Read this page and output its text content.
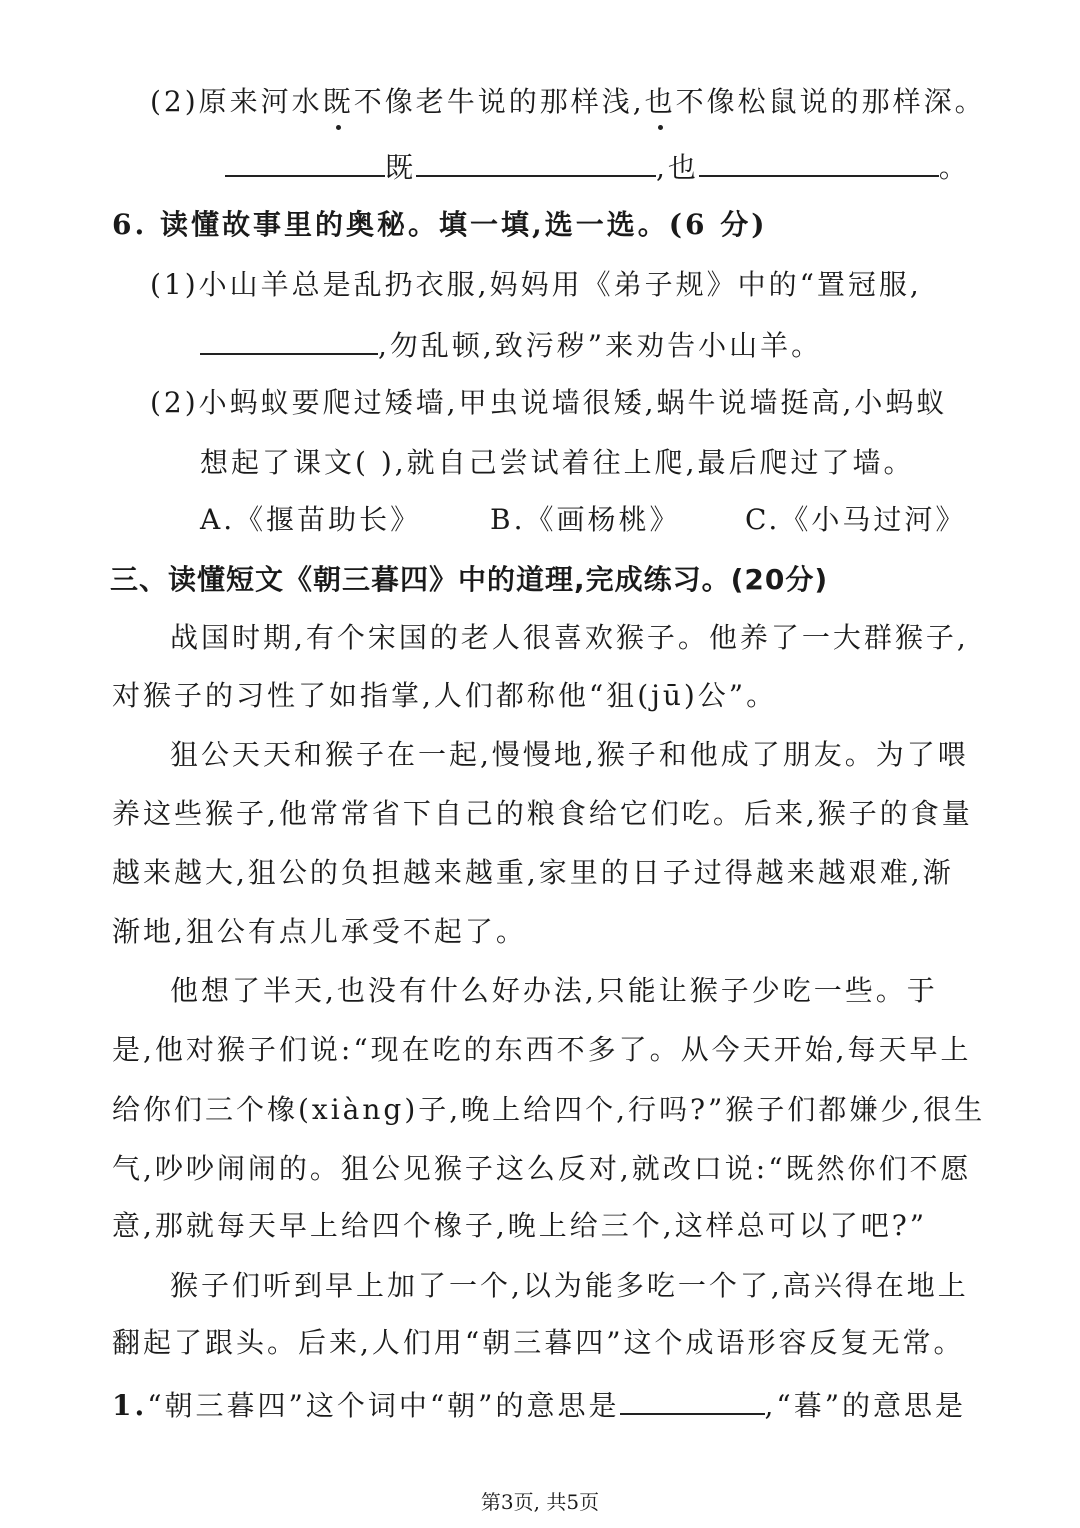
(2)原来河水既不像老牛说的那样浅,也不像松鼠说的那样深。
既	,也	。
6. 读懂故事里的奥秘。填一填,选一选。(6 分)
(1)小山羊总是乱扔衣服,妈妈用《弟子规》中的“置冠服,
,勿乱顿,致污秽”来劝告小山羊。
(2)小蚂蚁要爬过矮墙,甲虫说墙很矮,蜗牛说墙挺高,小蚂蚁
想起了课文( ),就自己尝试着往上爬,最后爬过了墙。
A.《揠苗助长》 B.《画杨桃》 C.《小马过河》
三、读懂短文《朝三暮四》中的道理,完成练习。(20分)
战国时期,有个宋国的老人很喜欢猴子。他养了一大群猴子,
对猴子的习性了如指掌,人们都称他“狙(jū)公”。
狙公天天和猴子在一起,慢慢地,猴子和他成了朋友。为了喂
养这些猴子,他常常省下自己的粮食给它们吃。后来,猴子的食量
越来越大,狙公的负担越来越重,家里的日子过得越来越艰难,渐
渐地,狙公有点儿承受不起了。
他想了半天,也没有什么好办法,只能让猴子少吃一些。于
是,他对猴子们说:“现在吃的东西不多了。从今天开始,每天早上
给你们三个橡(xiàng)子,晚上给四个,行吗?”猴子们都嫌少,很生
气,吵吵闹闹的。狙公见猴子这么反对,就改口说:“既然你们不愿
意,那就每天早上给四个橡子,晚上给三个,这样总可以了吧?”
猴子们听到早上加了一个,以为能多吃一个了,高兴得在地上
翻起了跟头。后来,人们用“朝三暮四”这个成语形容反复无常。
1.“朝三暮四”这个词中“朝”的意思是	,“暮”的意思是
第3页, 共5页
